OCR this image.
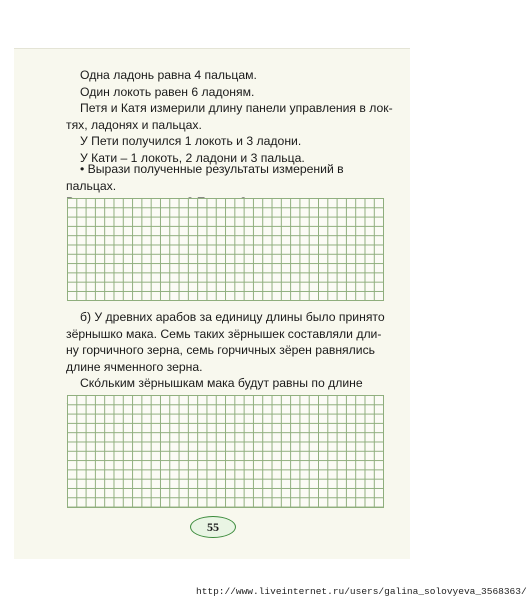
Одна ладонь равна 4 пальцам.

Один локоть равен 6 ладоням.

Петя и Катя измерили длину панели управления в лок-

тях, ладонях и пальцах.

У Пети получился 1 локоть и 3 ладони.

У Кати – 1 локоть, 2 ладони и 3 пальца.

• Вырази полученные результаты измерений в пальцах.

б) У древних арабов за единицу длины было принято

зёрнышко мака. Семь таких зёрнышек составляли дли-

ну горчичного зерна, семь горчичных зёрен равнялись

длине ячменного зерна.

Ско́льким зёрнышкам мака будут равны по длине

55
http://www.liveinternet.ru/users/galina_solovyeva_3568363/
